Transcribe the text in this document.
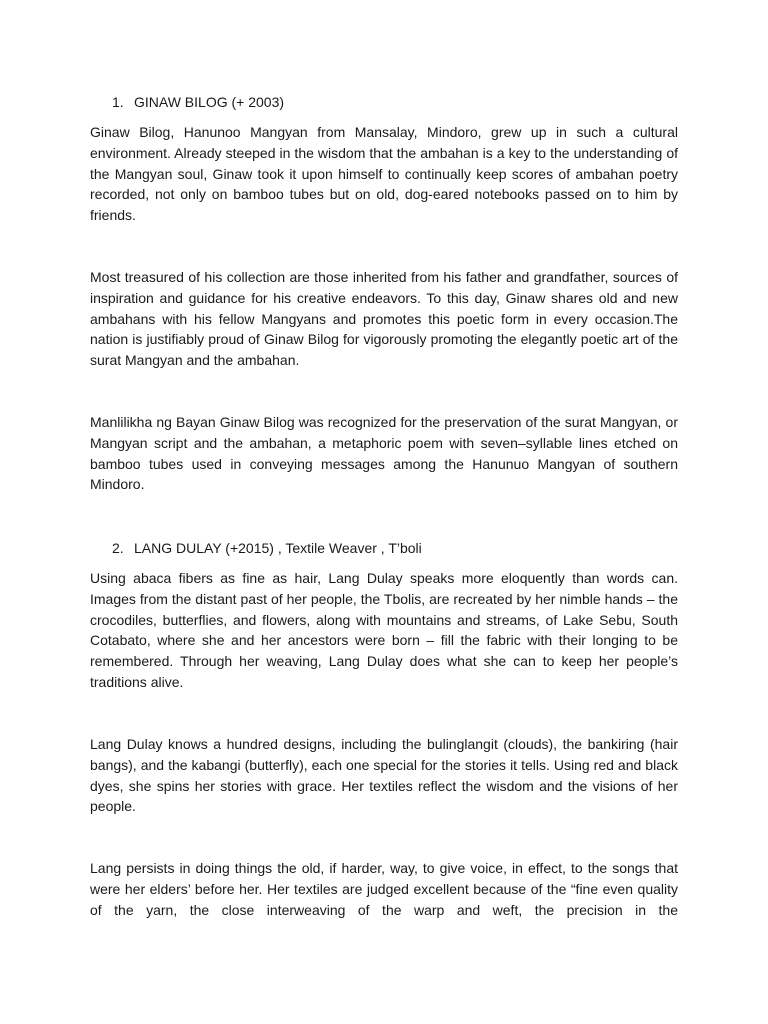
1. GINAW BILOG (+ 2003)

Ginaw Bilog, Hanunoo Mangyan from Mansalay, Mindoro, grew up in such a cultural environment. Already steeped in the wisdom that the ambahan is a key to the understanding of the Mangyan soul, Ginaw took it upon himself to continually keep scores of ambahan poetry recorded, not only on bamboo tubes but on old, dog-eared notebooks passed on to him by friends.

Most treasured of his collection are those inherited from his father and grandfather, sources of inspiration and guidance for his creative endeavors. To this day, Ginaw shares old and new ambahans with his fellow Mangyans and promotes this poetic form in every occasion.The nation is justifiably proud of Ginaw Bilog for vigorously promoting the elegantly poetic art of the surat Mangyan and the ambahan.

Manlilikha ng Bayan Ginaw Bilog was recognized for the preservation of the surat Mangyan, or Mangyan script and the ambahan, a metaphoric poem with seven–syllable lines etched on bamboo tubes used in conveying messages among the Hanunuo Mangyan of southern Mindoro.

2. LANG DULAY (+2015) , Textile Weaver , T’boli

Using abaca fibers as fine as hair, Lang Dulay speaks more eloquently than words can. Images from the distant past of her people, the Tbolis, are recreated by her nimble hands – the crocodiles, butterflies, and flowers, along with mountains and streams, of Lake Sebu, South Cotabato, where she and her ancestors were born – fill the fabric with their longing to be remembered. Through her weaving, Lang Dulay does what she can to keep her people’s traditions alive.

Lang Dulay knows a hundred designs, including the bulinglangit (clouds), the bankiring (hair bangs), and the kabangi (butterfly), each one special for the stories it tells. Using red and black dyes, she spins her stories with grace. Her textiles reflect the wisdom and the visions of her people.

Lang persists in doing things the old, if harder, way, to give voice, in effect, to the songs that were her elders’ before her. Her textiles are judged excellent because of the “fine even quality of the yarn, the close interweaving of the warp and weft, the precision in the
